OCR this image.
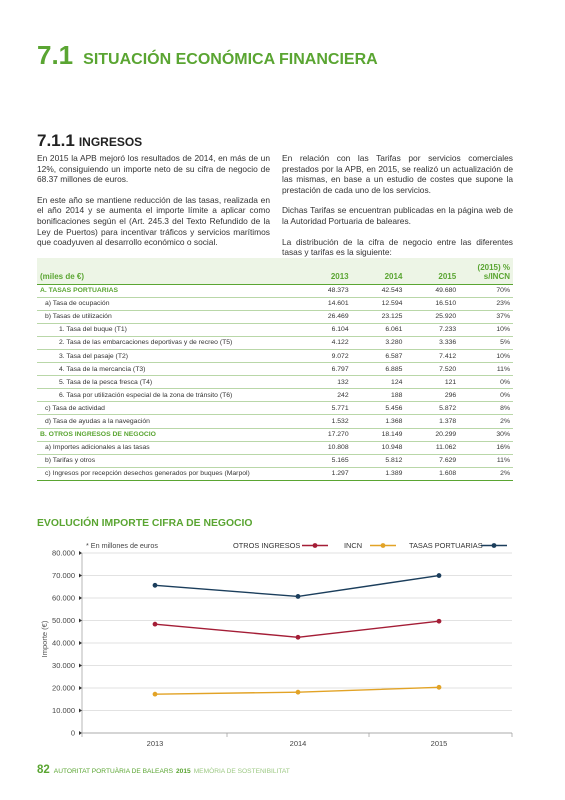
7.1 SITUACIÓN ECONÓMICA FINANCIERA
7.1.1 INGRESOS

En 2015 la APB mejoró los resultados de 2014, en más de un 12%, consiguiendo un importe neto de su cifra de negocio de 68.37 millones de euros.

En este año se mantiene reducción de las tasas, realizada en el año 2014 y se aumenta el importe límite a aplicar como bonificaciones según el (Art. 245.3 del Texto Refundido de la Ley de Puertos) para incentivar tráficos y servicios marítimos que coadyuven al desarrollo económico o social.

En relación con las Tarifas por servicios comerciales prestados por la APB, en 2015, se realizó un actualización de las mismas, en base a un estudio de costes que supone la prestación de cada uno de los servicios.

Dichas Tarifas se encuentran publicadas en la página web de la Autoridad Portuaria de baleares.

La distribución de la cifra de negocio entre las diferentes tasas y tarifas es la siguiente:

(miles de €)	2013	2014	2015	(2015) % s/INCN
A. TASAS PORTUARIAS	48.373	42.543	49.680	70%
a) Tasa de ocupación	14.601	12.594	16.510	23%
b) Tasas de utilización	26.469	23.125	25.920	37%
1. Tasa del buque (T1)	6.104	6.061	7.233	10%
2. Tasa de las embarcaciones deportivas y de recreo (T5)	4.122	3.280	3.336	5%
3. Tasa del pasaje (T2)	9.072	6.587	7.412	10%
4. Tasa de la mercancía (T3)	6.797	6.885	7.520	11%
5. Tasa de la pesca fresca (T4)	132	124	121	0%
6. Tasa por utilización especial de la zona de tránsito (T6)	242	188	296	0%
c) Tasa de actividad	5.771	5.456	5.872	8%
d) Tasa de ayudas a la navegación	1.532	1.368	1.378	2%
B. OTROS INGRESOS DE NEGOCIO	17.270	18.149	20.299	30%
a) Importes adicionales a las tasas	10.808	10.948	11.062	16%
b) Tarifas y otros	5.165	5.812	7.629	11%
c) Ingresos por recepción desechos generados por buques (Marpol)	1.297	1.389	1.608	2%
EVOLUCIÓN IMPORTE CIFRA DE NEGOCIO
0
10.000
20.000
30.000
40.000
50.000
60.000
70.000
80.000
2013	2014	2015
Importe (€)
* En millones de euros	OTROS INGRESOS	INCN	TASAS PORTUARIAS
82 AUTORITAT PORTUÀRIA DE BALEARS 2015 MEMÒRIA DE SOSTENIBILITAT
